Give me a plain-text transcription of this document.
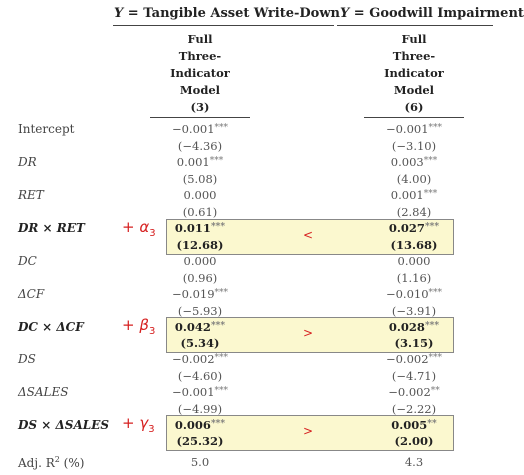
Y = Tangible Asset Write-Down Y = Goodwill Impairment
Full
Three-
Indicator
Model
(3)
Full
Three-
Indicator
Model
(6)
Intercept
DR
RET
DR × RET
DC
ΔCF
DC × ΔCF
DS
ΔSALES
DS × ΔSALES
Adj. $R^2$ (%)
+ $\alpha_3$
+ $\beta_3$
+ $\gamma_3$
<
>
>
−0.001***
(−4.36)
0.001***
(5.08)
0.000
(0.61)
0.011***
(12.68)
0.000
(0.96)
−0.019***
(−5.93)
0.042***
(5.34)
−0.002***
(−4.60)
−0.001***
(−4.99)
0.006***
(25.32)
5.0
−0.001***
(−3.10)
0.003***
(4.00)
0.001***
(2.84)
0.027***
(13.68)
0.000
(1.16)
−0.010***
(−3.91)
0.028***
(3.15)
−0.002***
(−4.71)
−0.002**
(−2.22)
0.005**
(2.00)
4.3
